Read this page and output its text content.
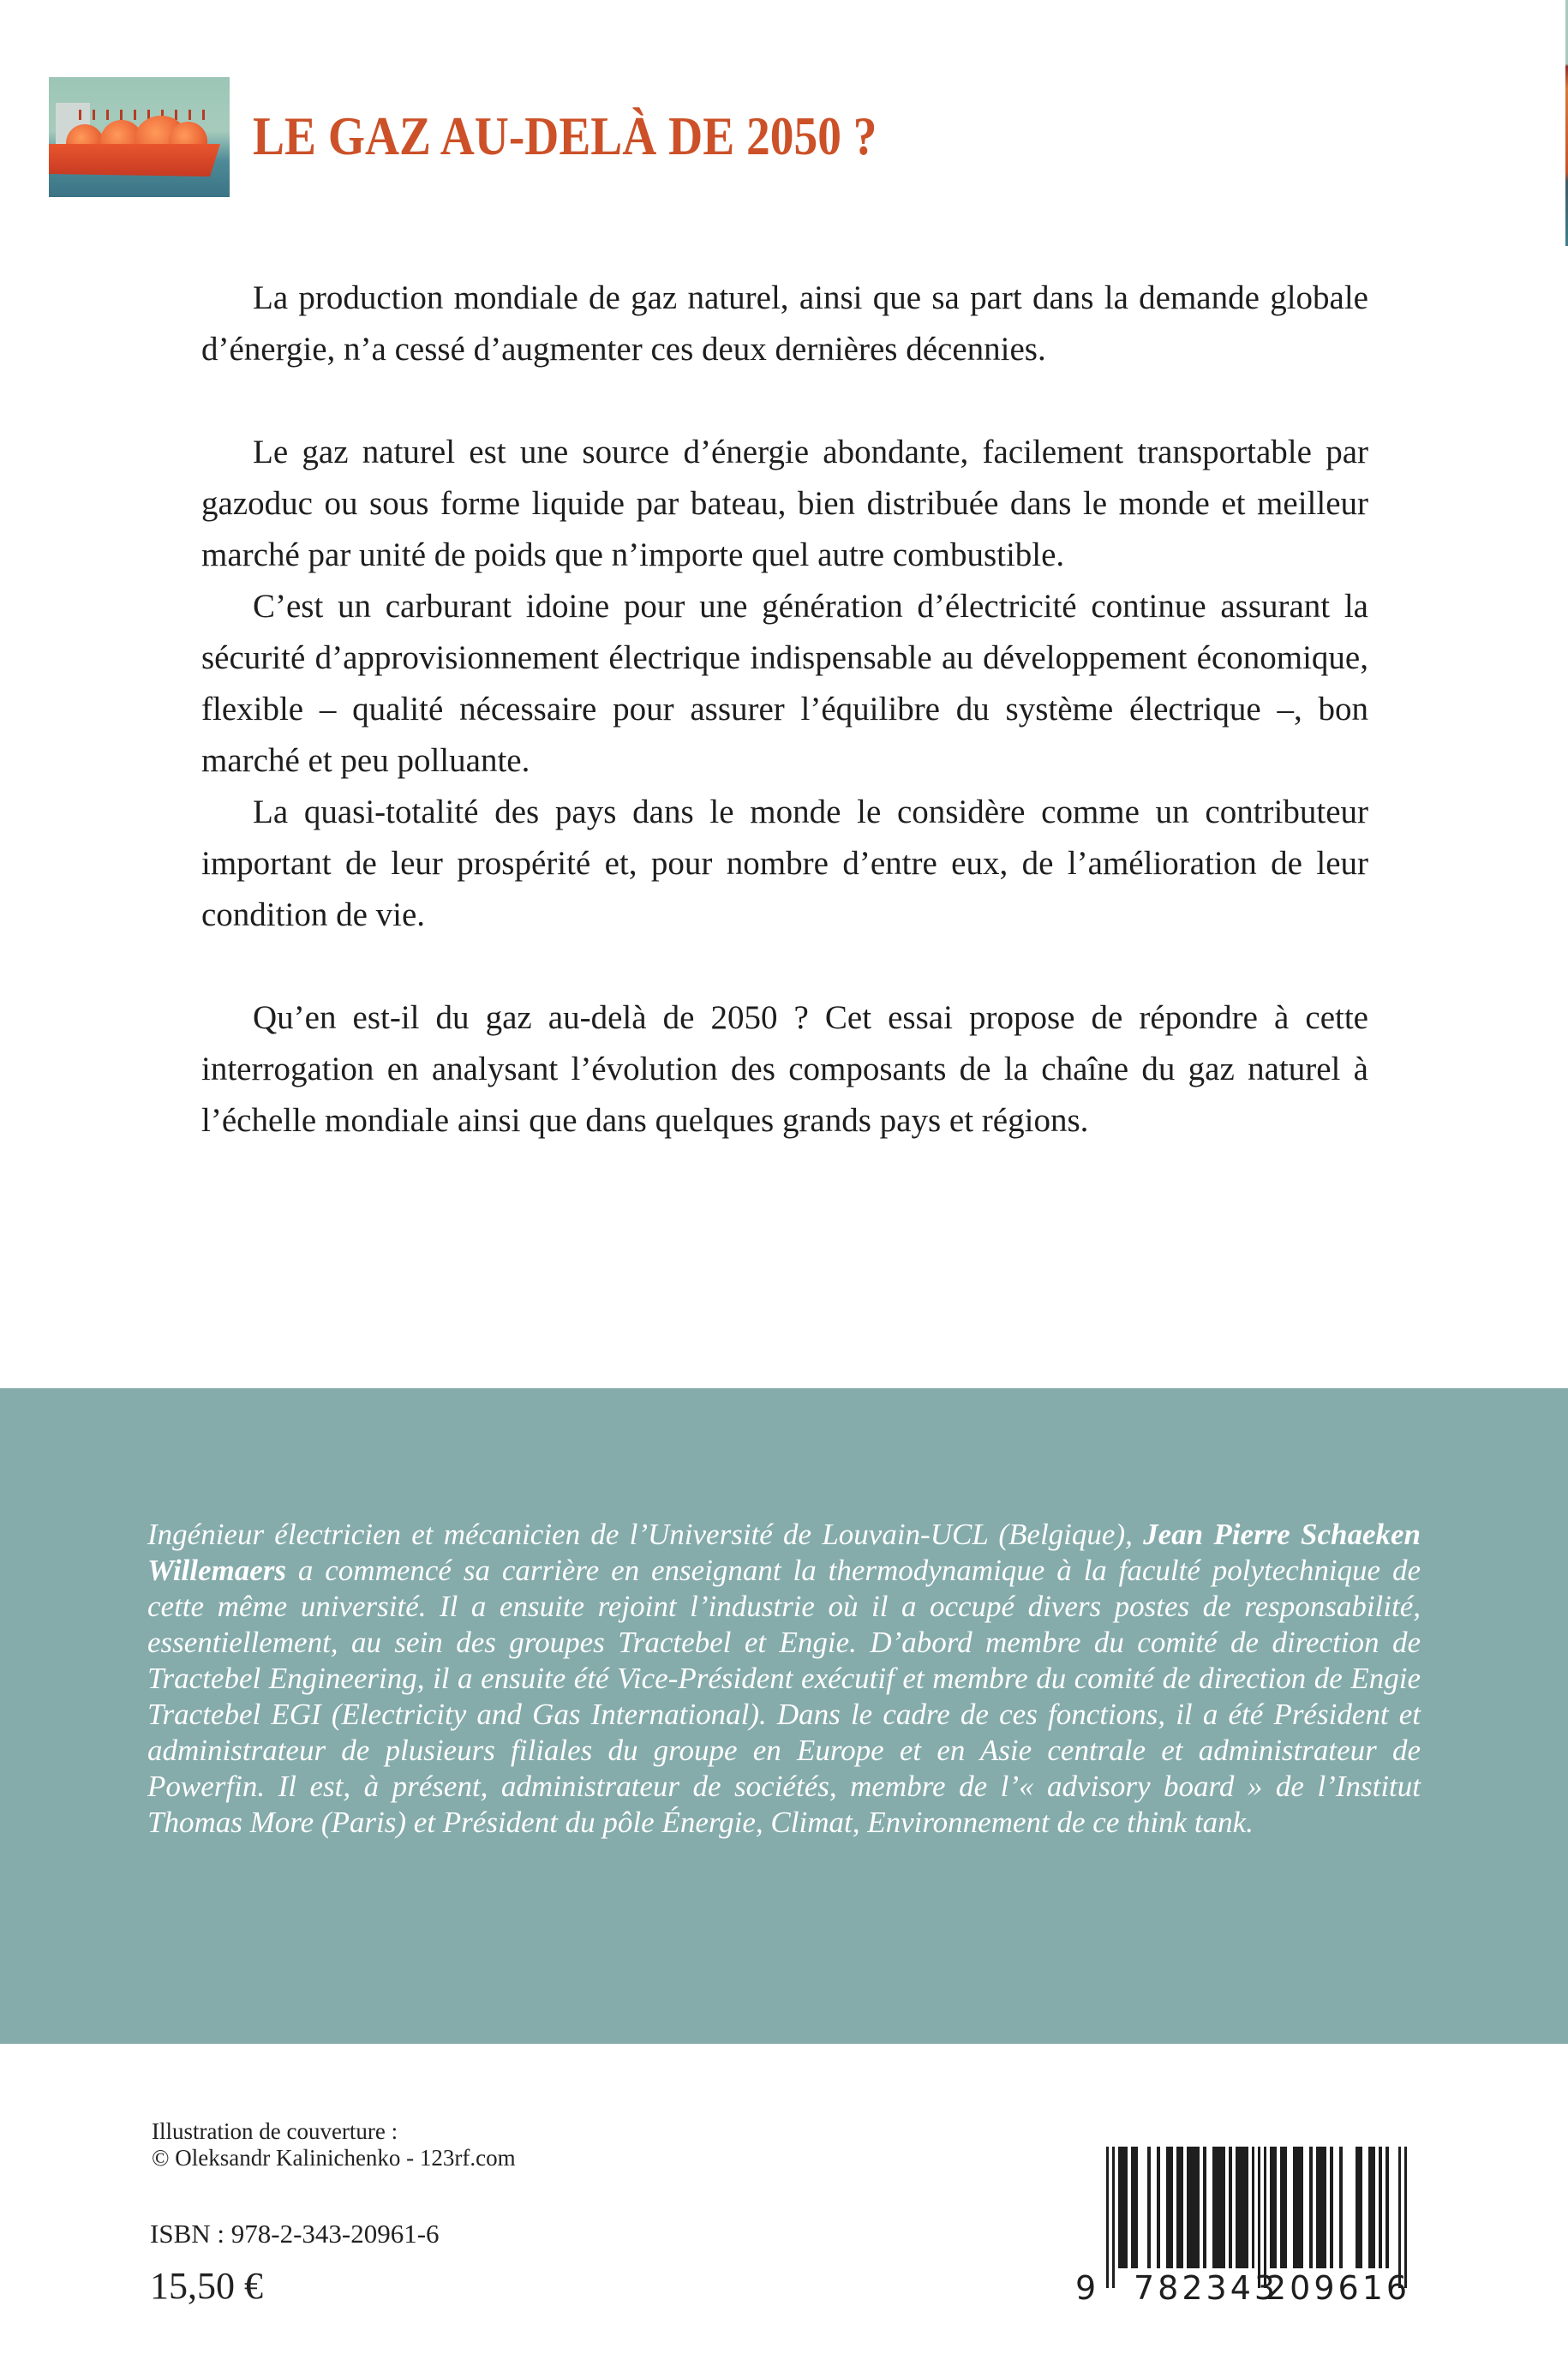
LE GAZ AU-DELÀ DE 2050 ?

La production mondiale de gaz naturel, ainsi que sa part dans la demande globale d’énergie, n’a cessé d’augmenter ces deux dernières décennies.

Le gaz naturel est une source d’énergie abondante, facilement transportable par gazoduc ou sous forme liquide par bateau, bien distribuée dans le monde et meilleur marché par unité de poids que n’importe quel autre combustible.

C’est un carburant idoine pour une génération d’électricité continue assurant la sécurité d’approvisionnement électrique indispensable au développement économique, flexible – qualité nécessaire pour assurer l’équilibre du système électrique –, bon marché et peu polluante.

La quasi-totalité des pays dans le monde le considère comme un contributeur important de leur prospérité et, pour nombre d’entre eux, de l’amélioration de leur condition de vie.

Qu’en est-il du gaz au-delà de 2050 ? Cet essai propose de répondre à cette interrogation en analysant l’évolution des composants de la chaîne du gaz naturel à l’échelle mondiale ainsi que dans quelques grands pays et régions.

Ingénieur électricien et mécanicien de l’Université de Louvain-UCL (Belgique), Jean Pierre Schaeken Willemaers a commencé sa carrière en enseignant la thermodynamique à la faculté polytechnique de cette même université. Il a ensuite rejoint l’industrie où il a occupé divers postes de responsabilité, essentiellement, au sein des groupes Tractebel et Engie. D’abord membre du comité de direction de Tractebel Engineering, il a ensuite été Vice-Président exécutif et membre du comité de direction de Engie Tractebel EGI (Electricity and Gas International). Dans le cadre de ces fonctions, il a été Président et administrateur de plusieurs filiales du groupe en Europe et en Asie centrale et administrateur de Powerfin. Il est, à présent, administrateur de sociétés, membre de l’« advisory board » de l’Institut Thomas More (Paris) et Président du pôle Énergie, Climat, Environnement de ce think tank.

Illustration de couverture :
© Oleksandr Kalinichenko - 123rf.com
ISBN : 978-2-343-20961-6
15,50 €	9 782343
209616
